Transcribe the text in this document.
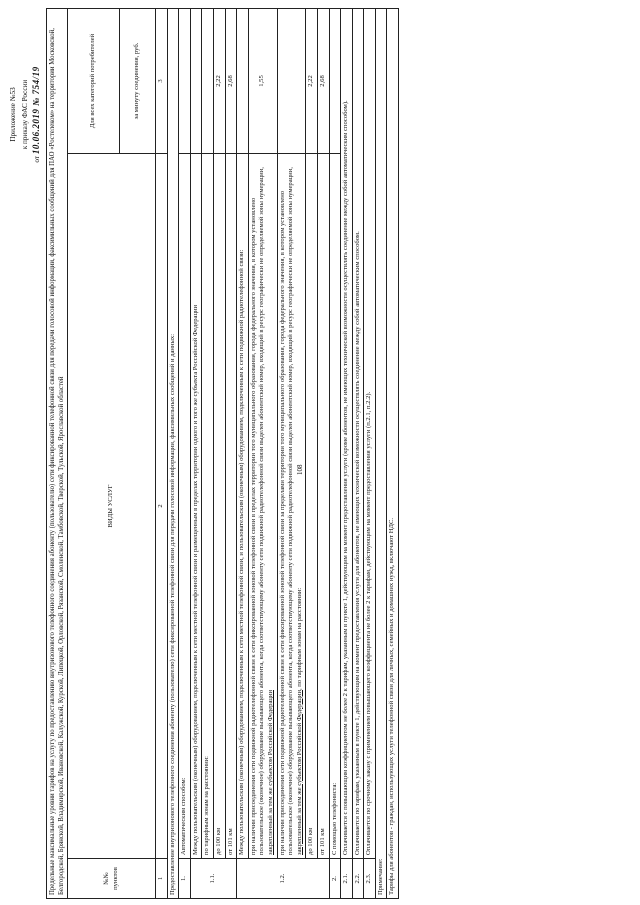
108
Приложение №53 к приказу ФАС России
от 10.06.2019 № 754/19	Предельные максимальные уровни тарифов на услугу по предоставлению внутризонового телефонного соединения абоненту (пользователю) сети фиксированной телефонной связи для передачи голосовой информации, факсимильных сообщений для ПАО «Ростелеком» на территории Московской, Белгородской, Брянской, Владимирской, Ивановской, Калужской, Курской, Липецкой, Орловской, Рязанской, Смоленской, Тамбовской, Тверской, Тульской, Ярославской областей		
№№ пунктов	ВИДЫ УСЛУГ	Для всех категорий потребителей
		за минуту соединения, руб.
1	2	3
Предоставление внутризонового телефонного соединения абоненту (пользователю) сети фиксированной телефонной связи для передачи голосовой информации, факсимильных сообщений и данных:		
1.	Автоматическим способом:	
1.1.	Между пользовательским (оконечным) оборудованием, подключенным к сети местной телефонной связи и размещенным в пределах территории одного и того же субъекта Российской Федерации	
	по тарифным зонам на расстоянии:	
	до 100 км	2,22
	от 101 км	2,68
1.2.	Между пользовательским (оконечным) оборудованием, подключенным к сети местной телефонной связи, и пользовательским (оконечным) оборудованием, подключенным к сети подвижной радиотелефонной связи:	
	при наличии присоединения сети подвижной радиотелефонной связи к сети фиксированной зоновой телефонной связи в пределах территории того муниципального образования, города федерального значения, в котором установлено пользовательское (оконечное) оборудование вызывающего абонента, когда соответствующему абоненту сети подвижной радиотелефонной связи выделен абонентский номер, входящий в ресурс географически не определяемой зоны нумерации, закрепленный за тем же субъектом Российской Федерации	1,55
	при наличии присоединения сети подвижной радиотелефонной связи к сети фиксированной зоновой телефонной связи за пределами территории того муниципального образования, города федерального значения, в котором установлено пользовательское (оконечное) оборудование вызывающего абонента, когда соответствующему абоненту сети подвижной радиотелефонной связи выделен абонентский номер, входящий в ресурс географически не определяемой зоны нумерации, закрепленный за тем же субъектом Российской Федерации, по тарифным зонам на расстоянии:	
	до 100 км	2,22
	от 101 км	2,68
2.	С помощью телефониста:	
2.1.	Оплачивается с повышающим коэффициентом не более 2 к тарифам, указанным в пункте 1, действующим на момент предоставления услуги (кроме абонентов, не имеющих технической возможности осуществлять соединение между собой автоматическим способом).	
2.2.	Оплачивается по тарифам, указанным в пункте 1, действующим на момент предоставления услуги для абонентов, не имеющих технической возможности осуществлять соединение между собой автоматическим способом.	
2.3.	Оплачивается по срочному заказу с применением повышающего коэффициента не более 2 к тарифам, действующим на момент предоставления услуги (п.2.1, п.2.2).	
Примечание:		
Тарифы для абонентов - граждан, использующих услуги телефонной связи для личных, семейных и домашних нужд, включают НДС.		
